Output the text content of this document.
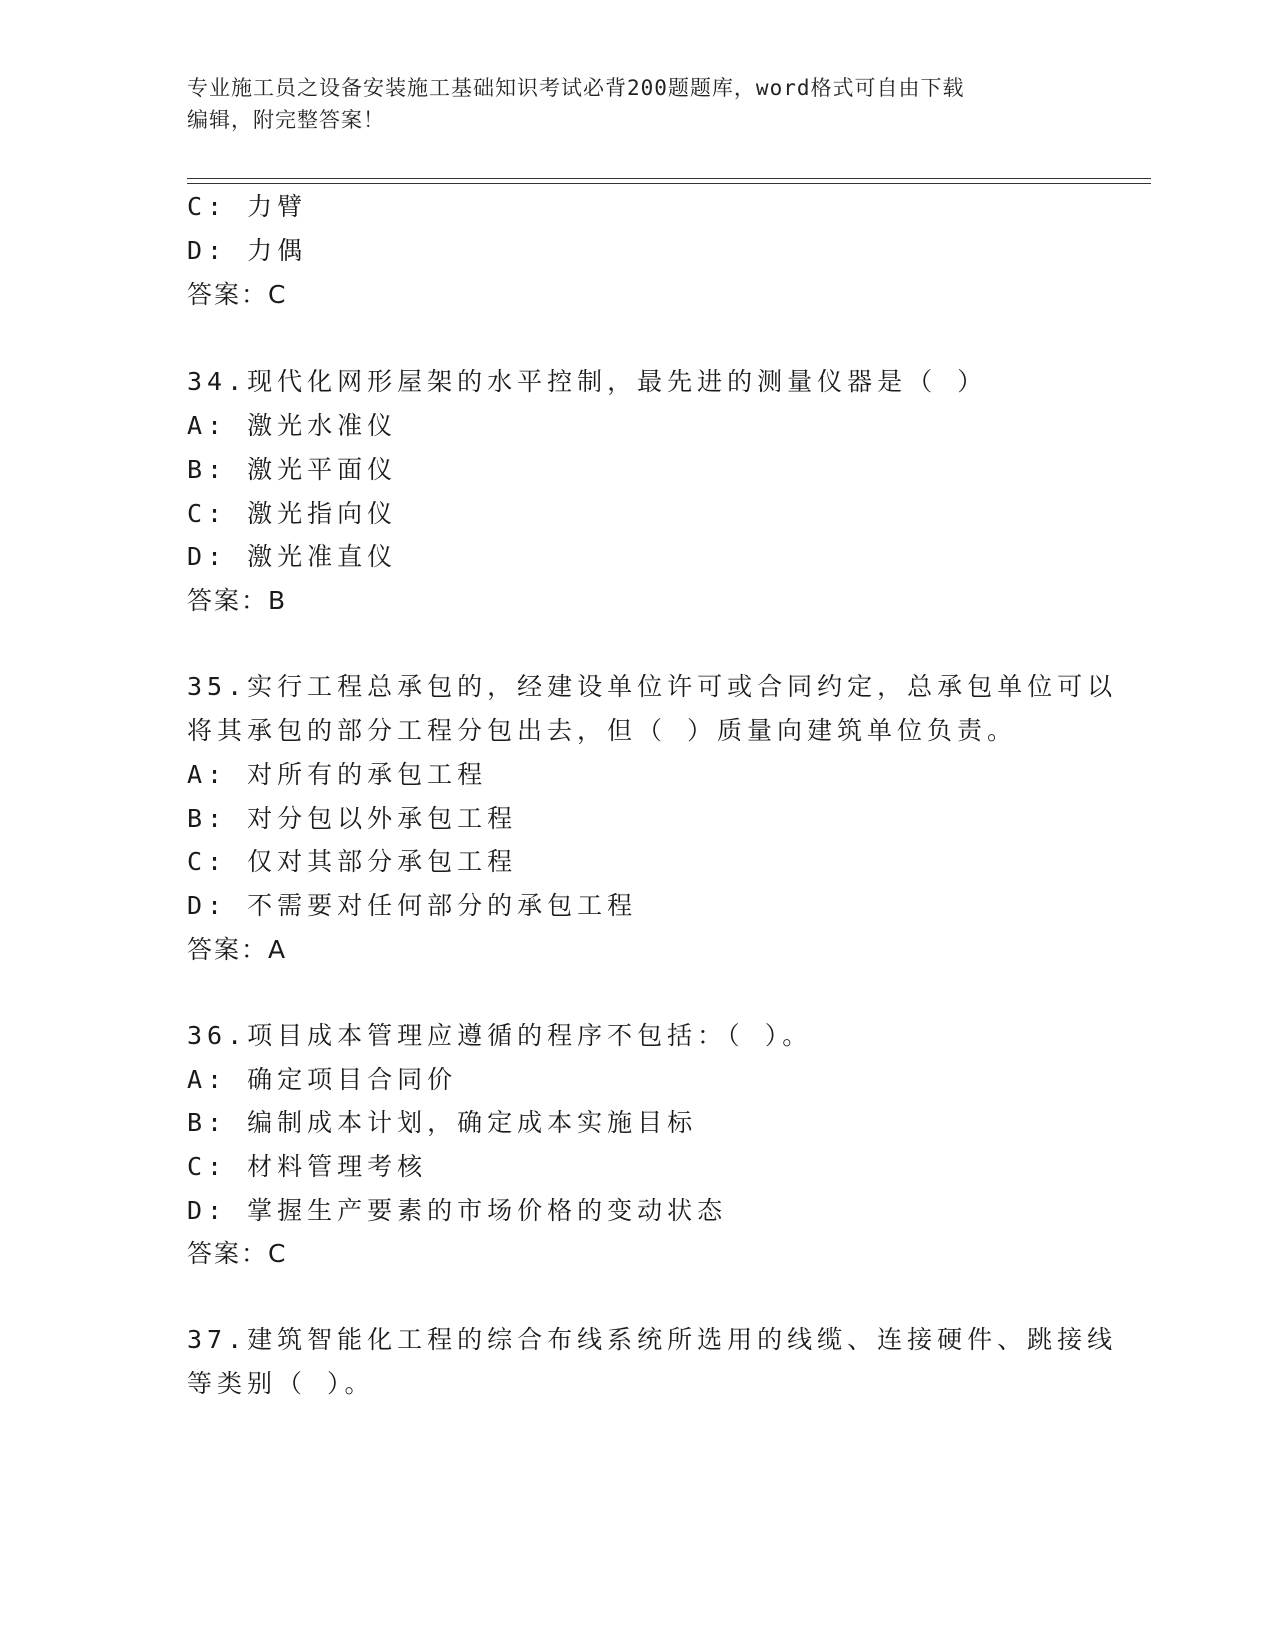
专业施工员之设备安装施工基础知识考试必背200题题库，word格式可自由下载
编辑，附完整答案！
C: 力臂
D: 力偶
答案：C
34.现代化网形屋架的水平控制，最先进的测量仪器是（ ）
A: 激光水准仪
B: 激光平面仪
C: 激光指向仪
D: 激光准直仪
答案：B
35.实行工程总承包的，经建设单位许可或合同约定，总承包单位可以
将其承包的部分工程分包出去，但（ ）质量向建筑单位负责。
A: 对所有的承包工程
B: 对分包以外承包工程
C: 仅对其部分承包工程
D: 不需要对任何部分的承包工程
答案：A
36.项目成本管理应遵循的程序不包括：（ ）。
A: 确定项目合同价
B: 编制成本计划，确定成本实施目标
C: 材料管理考核
D: 掌握生产要素的市场价格的变动状态
答案：C
37.建筑智能化工程的综合布线系统所选用的线缆、连接硬件、跳接线
等类别（ ）。
